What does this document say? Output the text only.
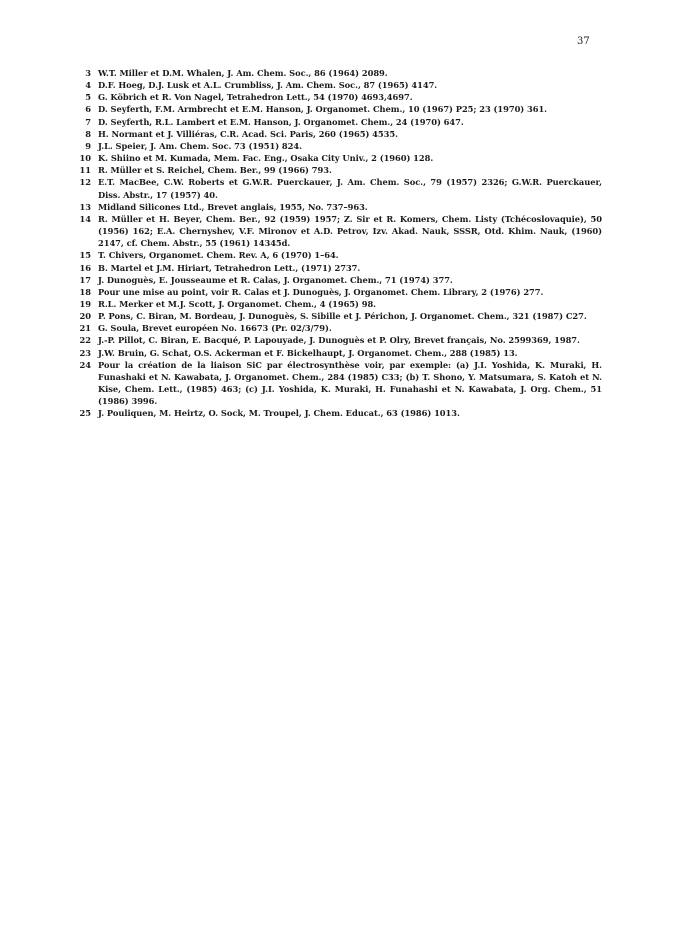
37
3 W.T. Miller et D.M. Whalen, J. Am. Chem. Soc., 86 (1964) 2089.
4 D.F. Hoeg, D.J. Lusk et A.L. Crumbliss, J. Am. Chem. Soc., 87 (1965) 4147.
5 G. Köbrich et R. Von Nagel, Tetrahedron Lett., 54 (1970) 4693,4697.
6 D. Seyferth, F.M. Armbrecht et E.M. Hanson, J. Organomet. Chem., 10 (1967) P25; 23 (1970) 361.
7 D. Seyferth, R.L. Lambert et E.M. Hanson, J. Organomet. Chem., 24 (1970) 647.
8 H. Normant et J. Villiéras, C.R. Acad. Sci. Paris, 260 (1965) 4535.
9 J.L. Speier, J. Am. Chem. Soc. 73 (1951) 824.
10 K. Shiino et M. Kumada, Mem. Fac. Eng., Osaka City Univ., 2 (1960) 128.
11 R. Müller et S. Reichel, Chem. Ber., 99 (1966) 793.
12 E.T. MacBee, C.W. Roberts et G.W.R. Puerckauer, J. Am. Chem. Soc., 79 (1957) 2326; G.W.R. Puerckauer, Diss. Abstr., 17 (1957) 40.
13 Midland Silicones Ltd., Brevet anglais, 1955, No. 737–963.
14 R. Müller et H. Beyer, Chem. Ber., 92 (1959) 1957; Z. Sir et R. Komers, Chem. Listy (Tchécoslovaquie), 50 (1956) 162; E.A. Chernyshev, V.F. Mironov et A.D. Petrov, Izv. Akad. Nauk, SSSR, Otd. Khim. Nauk, (1960) 2147, cf. Chem. Abstr., 55 (1961) 14345d.
15 T. Chivers, Organomet. Chem. Rev. A, 6 (1970) 1–64.
16 B. Martel et J.M. Hiriart, Tetrahedron Lett., (1971) 2737.
17 J. Dunoguès, E. Jousseaume et R. Calas, J. Organomet. Chem., 71 (1974) 377.
18 Pour une mise au point, voir R. Calas et J. Dunoguès, J. Organomet. Chem. Library, 2 (1976) 277.
19 R.L. Merker et M.J. Scott, J. Organomet. Chem., 4 (1965) 98.
20 P. Pons, C. Biran, M. Bordeau, J. Dunoguès, S. Sibille et J. Périchon, J. Organomet. Chem., 321 (1987) C27.
21 G. Soula, Brevet européen No. 16673 (Pr. 02/3/79).
22 J.-P. Pillot, C. Biran, E. Bacqué, P. Lapouyade, J. Dunoguès et P. Olry, Brevet français, No. 2599369, 1987.
23 J.W. Bruin, G. Schat, O.S. Ackerman et F. Bickelhaupt, J. Organomet. Chem., 288 (1985) 13.
24 Pour la création de la liaison SiC par électrosynthèse voir, par exemple: (a) J.I. Yoshida, K. Muraki, H. Funashaki et N. Kawabata, J. Organomet. Chem., 284 (1985) C33; (b) T. Shono, Y. Matsumara, S. Katoh et N. Kise, Chem. Lett., (1985) 463; (c) J.I. Yoshida, K. Muraki, H. Funahashi et N. Kawabata, J. Org. Chem., 51 (1986) 3996.
25 J. Pouliquen, M. Heirtz, O. Sock, M. Troupel, J. Chem. Educat., 63 (1986) 1013.
